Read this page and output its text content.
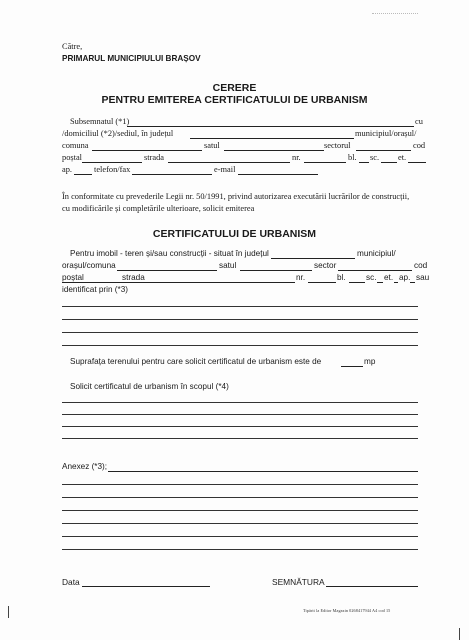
Către,
PRIMARUL MUNICIPIULUI BRAȘOV
CERERE
PENTRU EMITEREA CERTIFICATULUI DE URBANISM
Subsemnatul (*1)	cu
/domiciliul (*2)/sediul, în județul	municipiul/orașul/
comuna	satul	sectorul	cod
poștal	strada	nr.	bl. sc. et.
ap.	telefon/fax	e-mail
În conformitate cu prevederile Legii nr. 50/1991, privind autorizarea executării lucrărilor de construcții,
cu modificările și completările ulterioare, solicit emiterea
CERTIFICATULUI DE URBANISM
Pentru imobil - teren și/sau construcții - situat în județul	municipiul/
orașul/comuna	satul	sector	cod
poștal	strada	nr.	bl. sc. et. ap. sau
identificat prin (*3)
Suprafața terenului pentru care solicit certificatul de urbanism este de	mp
Solicit certificatul de urbanism în scopul (*4)
Anexez (*3);
Data	SEMNĂTURA
Tipărit la Editor Magazin 0268417944 A4 cod 15
